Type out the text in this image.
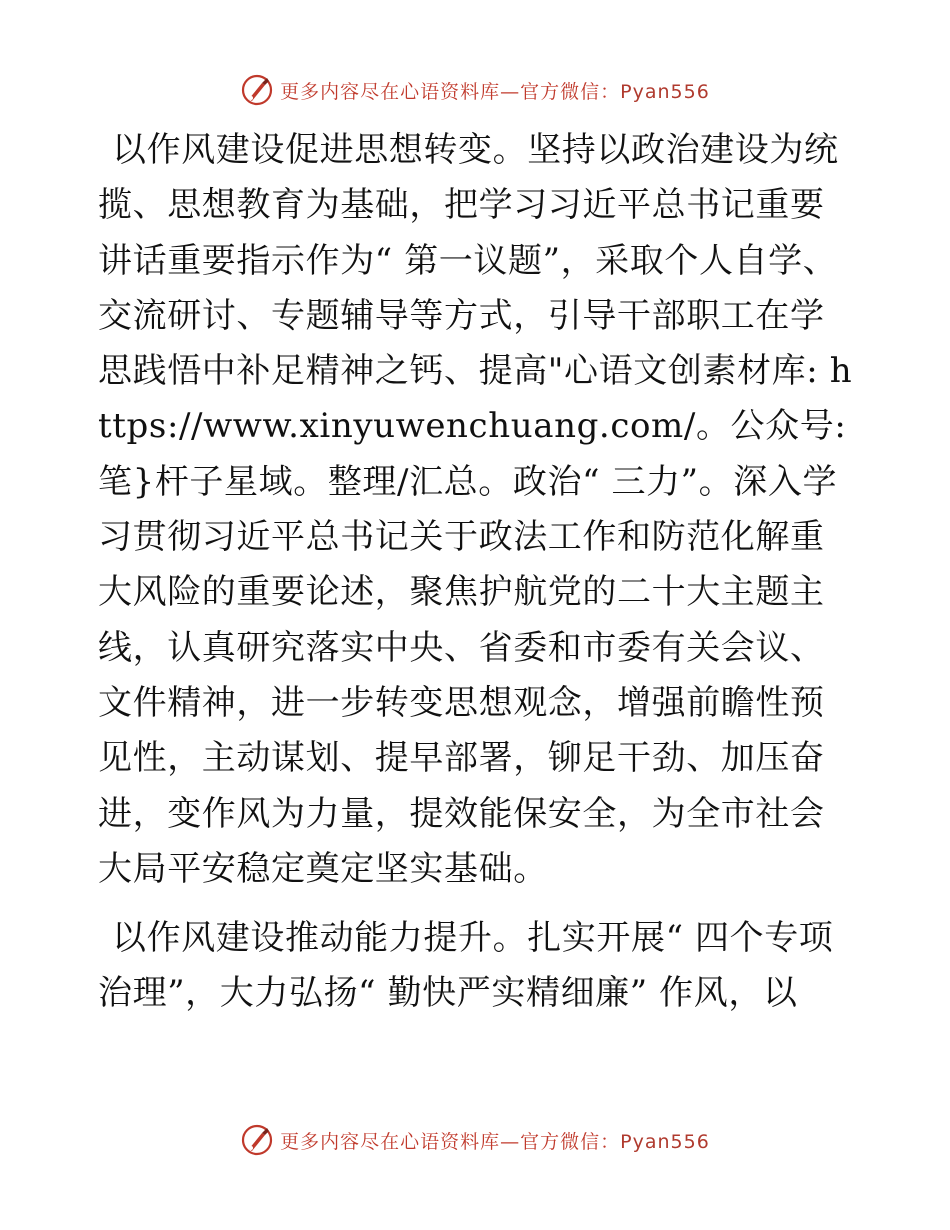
更多内容尽在心语资料库—官方微信：Pyan556

以作风建设促进思想转变。坚持以政治建设为统揽、思想教育为基础，把学习习近平总书记重要讲话重要指示作为“ 第一议题”，采取个人自学、交流研讨、专题辅导等方式，引导干部职工在学思践悟中补足精神之钙、提高"心语文创素材库: https://www.xinyuwenchuang.com/。公众号: 笔}杆子星域。整理/汇总。政治“ 三力”。深入学习贯彻习近平总书记关于政法工作和防范化解重大风险的重要论述，聚焦护航党的二十大主题主线，认真研究落实中央、省委和市委有关会议、文件精神，进一步转变思想观念，增强前瞻性预见性，主动谋划、提早部署，铆足干劲、加压奋进，变作风为力量，提效能保安全，为全市社会大局平安稳定奠定坚实基础。

以作风建设推动能力提升。扎实开展“ 四个专项治理”，大力弘扬“ 勤快严实精细廉” 作风，以

更多内容尽在心语资料库—官方微信：Pyan556
